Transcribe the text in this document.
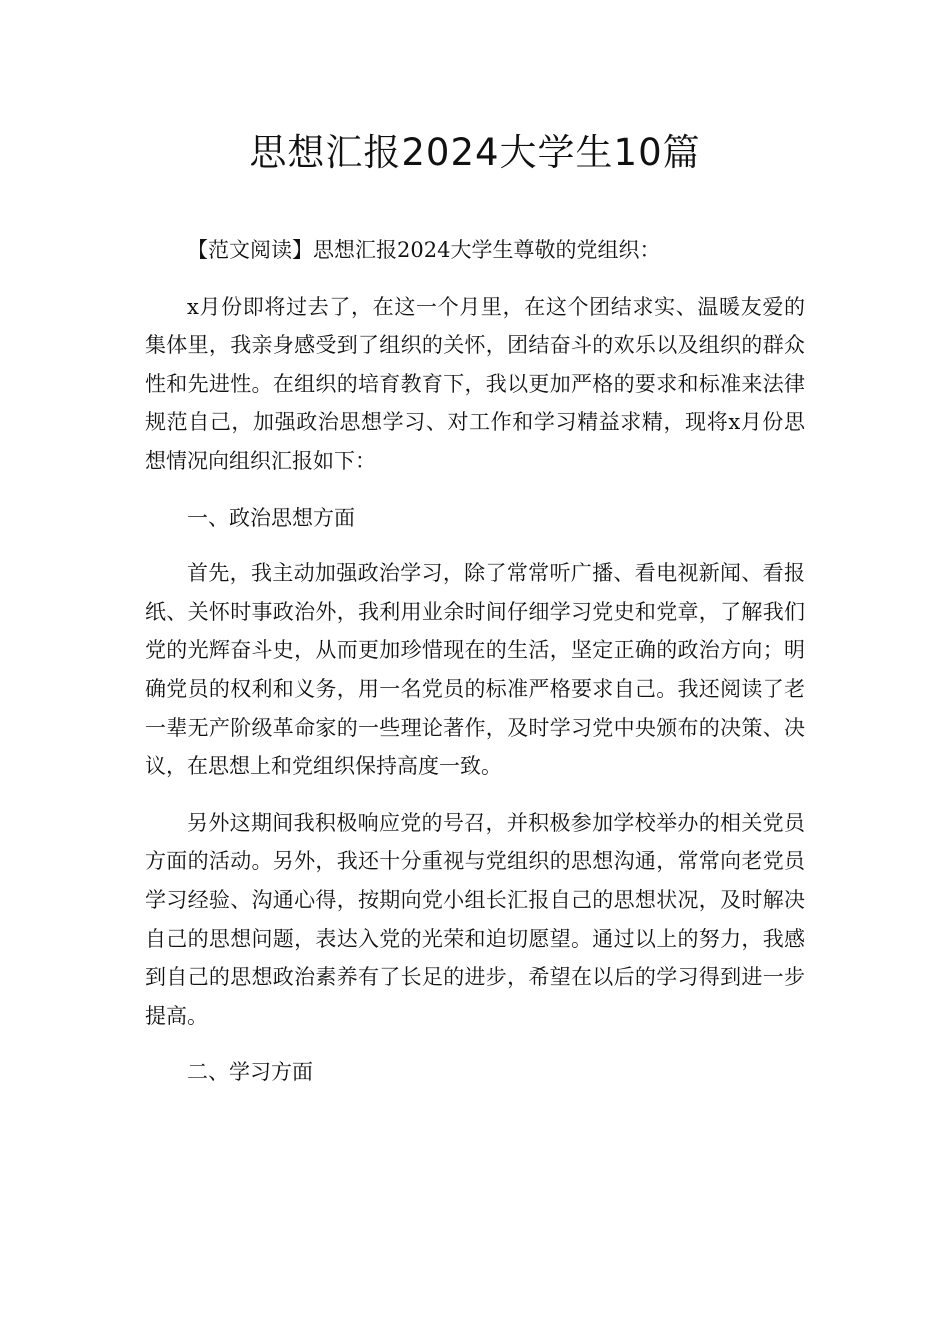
思想汇报2024大学生10篇

【范文阅读】思想汇报2024大学生尊敬的党组织：

x月份即将过去了，在这一个月里，在这个团结求实、温暖友爱的集体里，我亲身感受到了组织的关怀，团结奋斗的欢乐以及组织的群众性和先进性。在组织的培育教育下，我以更加严格的要求和标准来法律规范自己，加强政治思想学习、对工作和学习精益求精，现将x月份思想情况向组织汇报如下：

一、政治思想方面

首先，我主动加强政治学习，除了常常听广播、看电视新闻、看报纸、关怀时事政治外，我利用业余时间仔细学习党史和党章，了解我们党的光辉奋斗史，从而更加珍惜现在的生活，坚定正确的政治方向；明确党员的权利和义务，用一名党员的标准严格要求自己。我还阅读了老一辈无产阶级革命家的一些理论著作，及时学习党中央颁布的决策、决议，在思想上和党组织保持高度一致。

另外这期间我积极响应党的号召，并积极参加学校举办的相关党员方面的活动。另外，我还十分重视与党组织的思想沟通，常常向老党员学习经验、沟通心得，按期向党小组长汇报自己的思想状况，及时解决自己的思想问题，表达入党的光荣和迫切愿望。通过以上的努力，我感到自己的思想政治素养有了长足的进步，希望在以后的学习得到进一步提高。

二、学习方面
